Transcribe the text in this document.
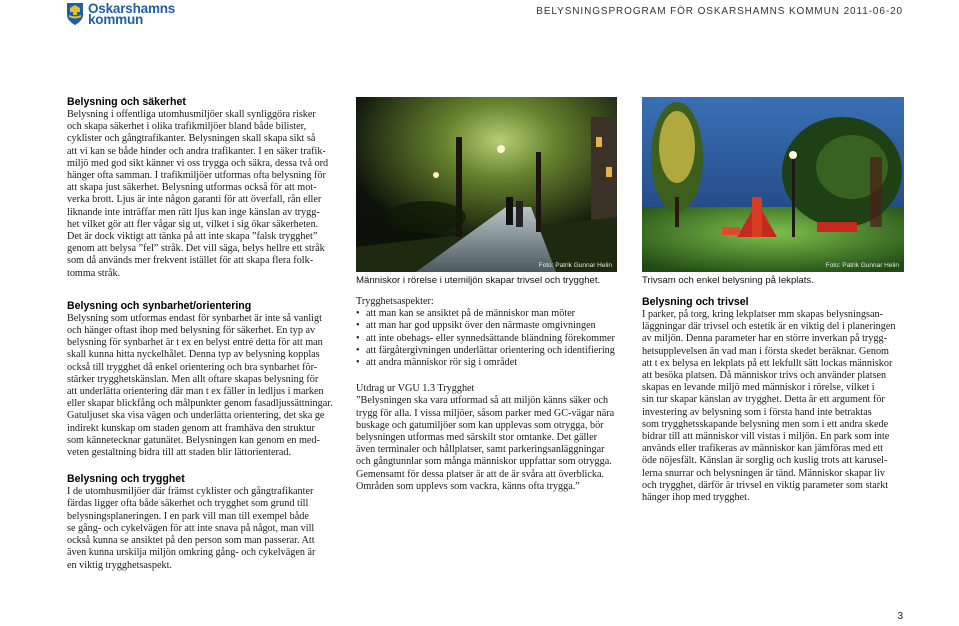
Oskarshamns
kommun
BELYSNINGSPROGRAM FÖR OSKARSHAMNS KOMMUN 2011-06-20
Belysning och säkerhet

Belysning i offentliga utomhusmiljöer skall synliggöra risker

och skapa säkerhet i olika trafikmiljöer bland både bilister,

cyklister och gångtrafikanter. Belysningen skall skapa sikt så

att vi kan se både hinder och andra trafikanter. I en säker trafik-

miljö med god sikt känner vi oss trygga och säkra, dessa två ord

hänger ofta samman. I trafikmiljöer utformas ofta belysning för

att skapa just säkerhet. Belysning utformas också för att mot-

verka brott. Ljus är inte någon garanti för att överfall, rån eller

liknande inte inträffar men rätt ljus kan inge känslan av trygg-

het vilket gör att fler vågar sig ut, vilket i sig ökar säkerheten.

Det är dock viktigt att tänka på att inte skapa ”falsk trygghet”

genom att belysa ”fel” stråk. Det vill säga, belys hellre ett stråk

som då används mer frekvent istället för att skapa flera folk-

tomma stråk.

Belysning och synbarhet/orientering

Belysning som utformas endast för synbarhet är inte så vanligt

och hänger oftast ihop med belysning för säkerhet. En typ av

belysning för synbarhet är t ex en belyst entré detta för att man

skall kunna hitta nyckelhålet. Denna typ av belysning kopplas

också till trygghet då enkel orientering och bra synbarhet för-

stärker trygghetskänslan. Men allt oftare skapas belysning för

att underlätta orientering där man t ex fäller in ledljus i marken

eller skapar blickfång och målpunkter genom fasadljussättningar.

Gatuljuset ska visa vägen och underlätta orientering, det ska ge

indirekt kunskap om staden genom att framhäva den struktur

som kännetecknar gatunätet. Belysningen kan genom en med-

veten gestaltning bidra till att staden blir lättorienterad.

Belysning och trygghet

I de utomhusmiljöer där främst cyklister och gångtrafikanter

färdas ligger ofta både säkerhet och trygghet som grund till

belysningsplaneringen. I en park vill man till exempel både

se gång- och cykelvägen för att inte snava på något, man vill

också kunna se ansiktet på den person som man passerar. Att

även kunna urskilja miljön omkring gång- och cykelvägen är

en viktig trygghetsaspekt.

Foto: Patrik Gunnar Helin
Människor i rörelse i utemiljön skapar trivsel och trygghet.
Foto: Patrik Gunnar Helin
Trivsam och enkel belysning på lekplats.

Trygghetsaspekter:

• att man kan se ansiktet på de människor man möter
• att man har god uppsikt över den närmaste omgivningen
• att inte obehags- eller synnedsättande bländning förekommer
• att färgåtergivningen underlättar orientering och identifiering
• att andra människor rör sig i området

Utdrag ur VGU 1.3 Trygghet

”Belysningen ska vara utformad så att miljön känns säker och

trygg för alla. I vissa miljöer, såsom parker med GC-vägar nära

buskage och gatumiljöer som kan upplevas som otrygga, bör

belysningen utformas med särskilt stor omtanke. Det gäller

även terminaler och hållplatser, samt parkeringsanläggningar

och gångtunnlar som många människor uppfattar som otrygga.

Gemensamt för dessa platser är att de är svåra att överblicka.

Områden som upplevs som vackra, känns ofta trygga.”

Belysning och trivsel

I parker, på torg, kring lekplatser mm skapas belysningsan-

läggningar där trivsel och estetik är en viktig del i planeringen

av miljön. Denna parameter har en större inverkan på trygg-

hetsupplevelsen än vad man i första skedet beräknar. Genom

att t ex belysa en lekplats på ett lekfullt sätt lockas människor

att besöka platsen. Då människor trivs och använder platsen

skapas en levande miljö med människor i rörelse, vilket i

sin tur skapar känslan av trygghet. Detta är ett argument för

investering av belysning som i första hand inte betraktas

som trygghetsskapande belysning men som i ett andra skede

bidrar till att människor vill vistas i miljön. En park som inte

används eller trafikeras av människor kan jämföras med ett

öde nöjesfält. Känslan är sorglig och kuslig trots att karusel-

lerna snurrar och belysningen är tänd. Människor skapar liv

och trygghet, därför är trivsel en viktig parameter som starkt

hänger ihop med trygghet.

3
